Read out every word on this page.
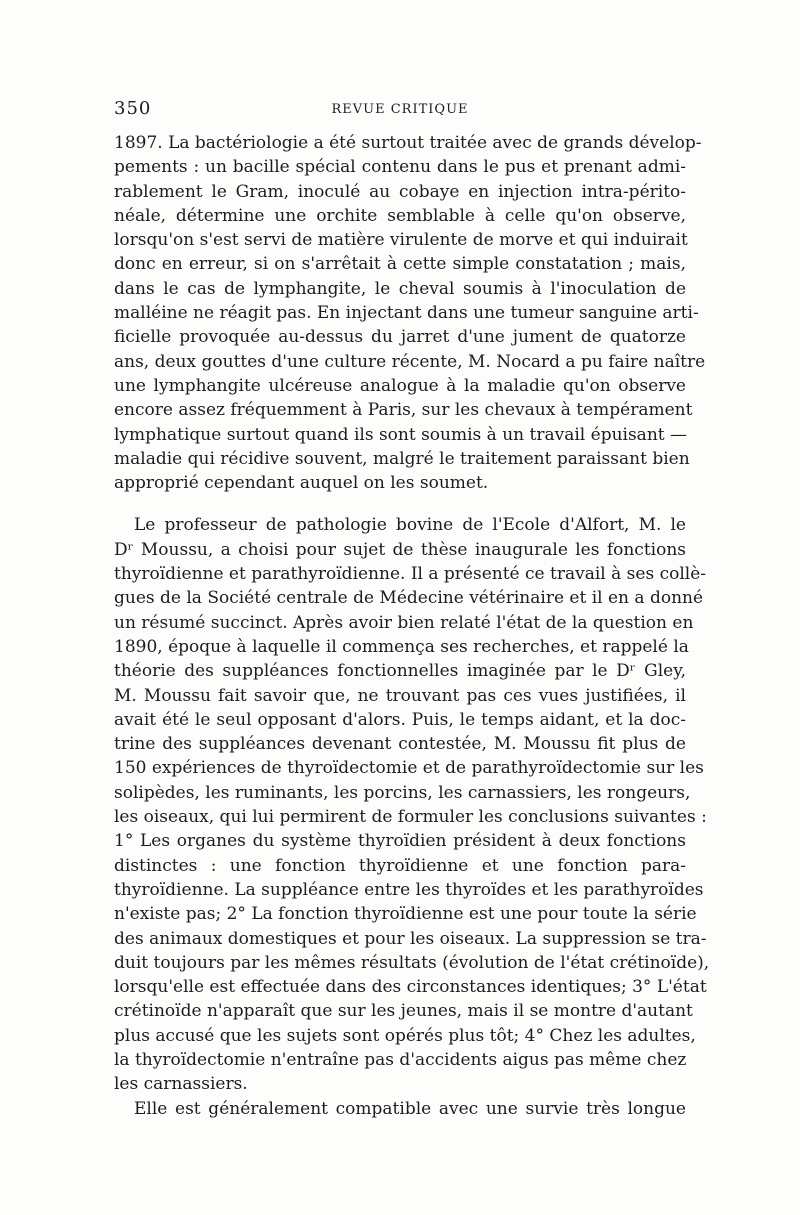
350	REVUE CRITIQUE
1897. La bactériologie a été surtout traitée avec de grands dévelop-
pements : un bacille spécial contenu dans le pus et prenant admi-
rablement le Gram, inoculé au cobaye en injection intra-périto-
néale, détermine une orchite semblable à celle qu'on observe,
lorsqu'on s'est servi de matière virulente de morve et qui induirait
donc en erreur, si on s'arrêtait à cette simple constatation ; mais,
dans le cas de lymphangite, le cheval soumis à l'inoculation de
malléine ne réagit pas. En injectant dans une tumeur sanguine arti-
ficielle provoquée au-dessus du jarret d'une jument de quatorze
ans, deux gouttes d'une culture récente, M. Nocard a pu faire naître
une lymphangite ulcéreuse analogue à la maladie qu'on observe
encore assez fréquemment à Paris, sur les chevaux à tempérament
lymphatique surtout quand ils sont soumis à un travail épuisant —
maladie qui récidive souvent, malgré le traitement paraissant bien
approprié cependant auquel on les soumet.
Le professeur de pathologie bovine de l'Ecole d'Alfort, M. le
Dʳ Moussu, a choisi pour sujet de thèse inaugurale les fonctions
thyroïdienne et parathyroïdienne. Il a présenté ce travail à ses collè-
gues de la Société centrale de Médecine vétérinaire et il en a donné
un résumé succinct. Après avoir bien relaté l'état de la question en
1890, époque à laquelle il commença ses recherches, et rappelé la
théorie des suppléances fonctionnelles imaginée par le Dʳ Gley,
M. Moussu fait savoir que, ne trouvant pas ces vues justifiées, il
avait été le seul opposant d'alors. Puis, le temps aidant, et la doc-
trine des suppléances devenant contestée, M. Moussu fit plus de
150 expériences de thyroïdectomie et de parathyroïdectomie sur les
solipèdes, les ruminants, les porcins, les carnassiers, les rongeurs,
les oiseaux, qui lui permirent de formuler les conclusions suivantes :
1° Les organes du système thyroïdien président à deux fonctions
distinctes : une fonction thyroïdienne et une fonction para-
thyroïdienne. La suppléance entre les thyroïdes et les parathyroïdes
n'existe pas; 2° La fonction thyroïdienne est une pour toute la série
des animaux domestiques et pour les oiseaux. La suppression se tra-
duit toujours par les mêmes résultats (évolution de l'état crétinoïde),
lorsqu'elle est effectuée dans des circonstances identiques; 3° L'état
crétinoïde n'apparaît que sur les jeunes, mais il se montre d'autant
plus accusé que les sujets sont opérés plus tôt; 4° Chez les adultes,
la thyroïdectomie n'entraîne pas d'accidents aigus pas même chez
les carnassiers.
Elle est généralement compatible avec une survie très longue
